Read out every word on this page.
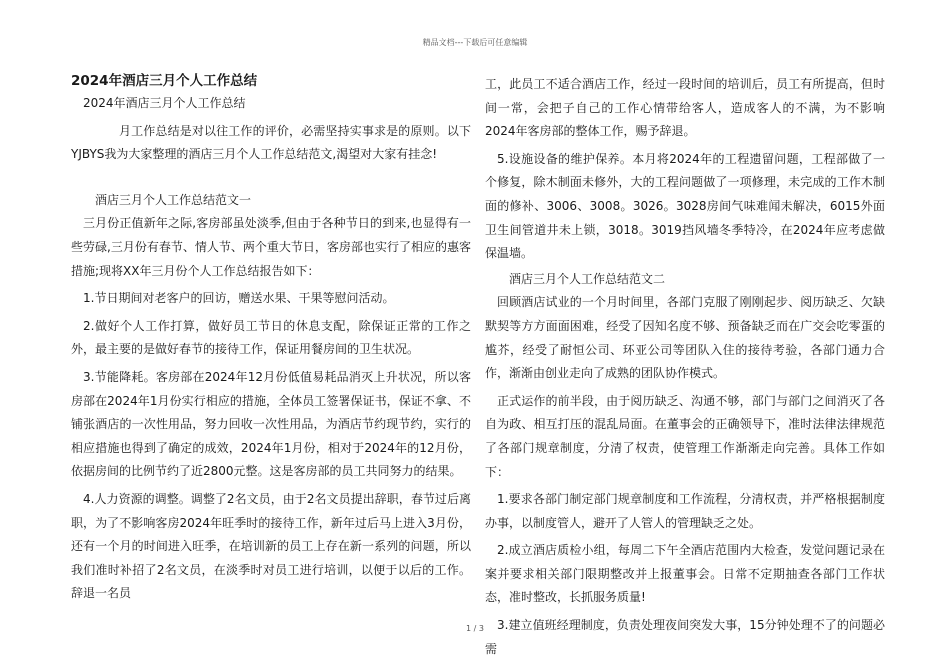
精品文档---下载后可任意编辑

2024年酒店三月个人工作总结

2024年酒店三月个人工作总结

月工作总结是对以往工作的评价，必需坚持实事求是的原则。以下YJBYS我为大家整理的酒店三月个人工作总结范文,渴望对大家有挂念!

酒店三月个人工作总结范文一

三月份正值新年之际,客房部虽处淡季,但由于各种节日的到来,也显得有一些劳碌,三月份有春节、情人节、两个重大节日，客房部也实行了相应的惠客措施;现将XX年三月份个人工作总结报告如下：

1.节日期间对老客户的回访，赠送水果、干果等慰问活动。

2.做好个人工作打算，做好员工节日的休息支配，除保证正常的工作之外，最主要的是做好春节的接待工作，保证用餐房间的卫生状况。

3.节能降耗。客房部在2024年12月份低值易耗品消灭上升状况，所以客房部在2024年1月份实行相应的措施，全体员工签署保证书，保证不拿、不铺张酒店的一次性用品，努力回收一次性用品，为酒店节约现节约，实行的相应措施也得到了确定的成效，2024年1月份，相对于2024年的12月份，依据房间的比例节约了近2800元整。这是客房部的员工共同努力的结果。

4.人力资源的调整。调整了2名文员，由于2名文员提出辞职，春节过后离职，为了不影响客房2024年旺季时的接待工作，新年过后马上进入3月份，还有一个月的时间进入旺季，在培训新的员工上存在新一系列的问题，所以我们准时补招了2名文员，在淡季时对员工进行培训，以便于以后的工作。辞退一名员

工，此员工不适合酒店工作，经过一段时间的培训后，员工有所提高，但时间一常，会把子自己的工作心情带给客人，造成客人的不满，为不影响2024年客房部的整体工作，赐予辞退。

5.设施设备的维护保养。本月将2024年的工程遗留问题，工程部做了一个修复，除木制面未修外，大的工程问题做了一项修理，未完成的工作木制面的修补、3006、3008。3026。3028房间气味难闻未解决，6015外面卫生间管道井未上锁，3018。3019挡风墙冬季特冷，在2024年应考虑做保温墙。

酒店三月个人工作总结范文二

回顾酒店试业的一个月时间里，各部门克服了刚刚起步、阅历缺乏、欠缺默契等方方面面困难，经受了因知名度不够、预备缺乏而在广交会吃零蛋的尴芥，经受了耐恒公司、环亚公司等团队入住的接待考验，各部门通力合作，渐渐由创业走向了成熟的团队协作模式。

正式运作的前半段，由于阅历缺乏、沟通不够，部门与部门之间消灭了各自为政、相互打压的混乱局面。在董事会的正确领导下，准时法律法律规范了各部门规章制度，分清了权责，使管理工作渐渐走向完善。具体工作如下：

1.要求各部门制定部门规章制度和工作流程，分清权责，并严格根据制度办事，以制度管人，避开了人管人的管理缺乏之处。

2.成立酒店质检小组，每周二下午全酒店范围内大检查，发觉问题记录在案并要求相关部门限期整改并上报董事会。日常不定期抽查各部门工作状态，准时整改，长抓服务质量!

3.建立值班经理制度，负责处理夜间突发大事，15分钟处理不了的问题必需

1 / 3
